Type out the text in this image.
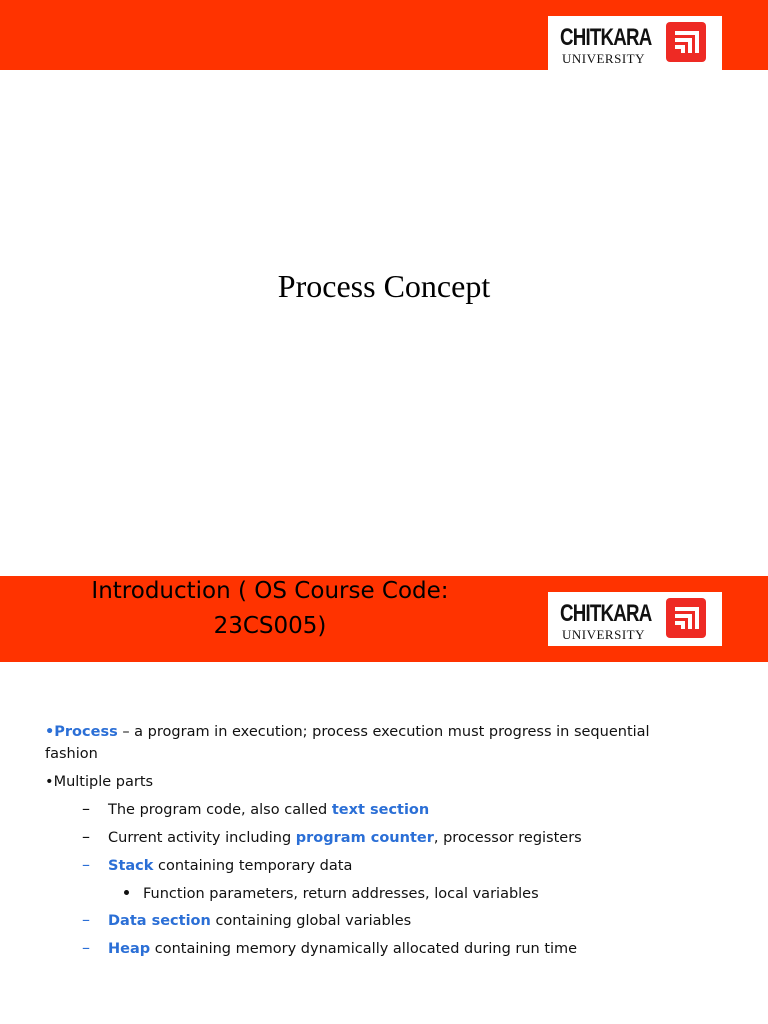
CHITKARA
UNIVERSITY
Process Concept
CHITKARA
UNIVERSITY
Introduction ( OS Course Code:
23CS005)
•Process – a program in execution; process execution must progress in sequential
fashion
•Multiple parts
– The program code, also called text section
– Current activity including program counter, processor registers
– Stack containing temporary data
Function parameters, return addresses, local variables
– Data section containing global variables
– Heap containing memory dynamically allocated during run time
